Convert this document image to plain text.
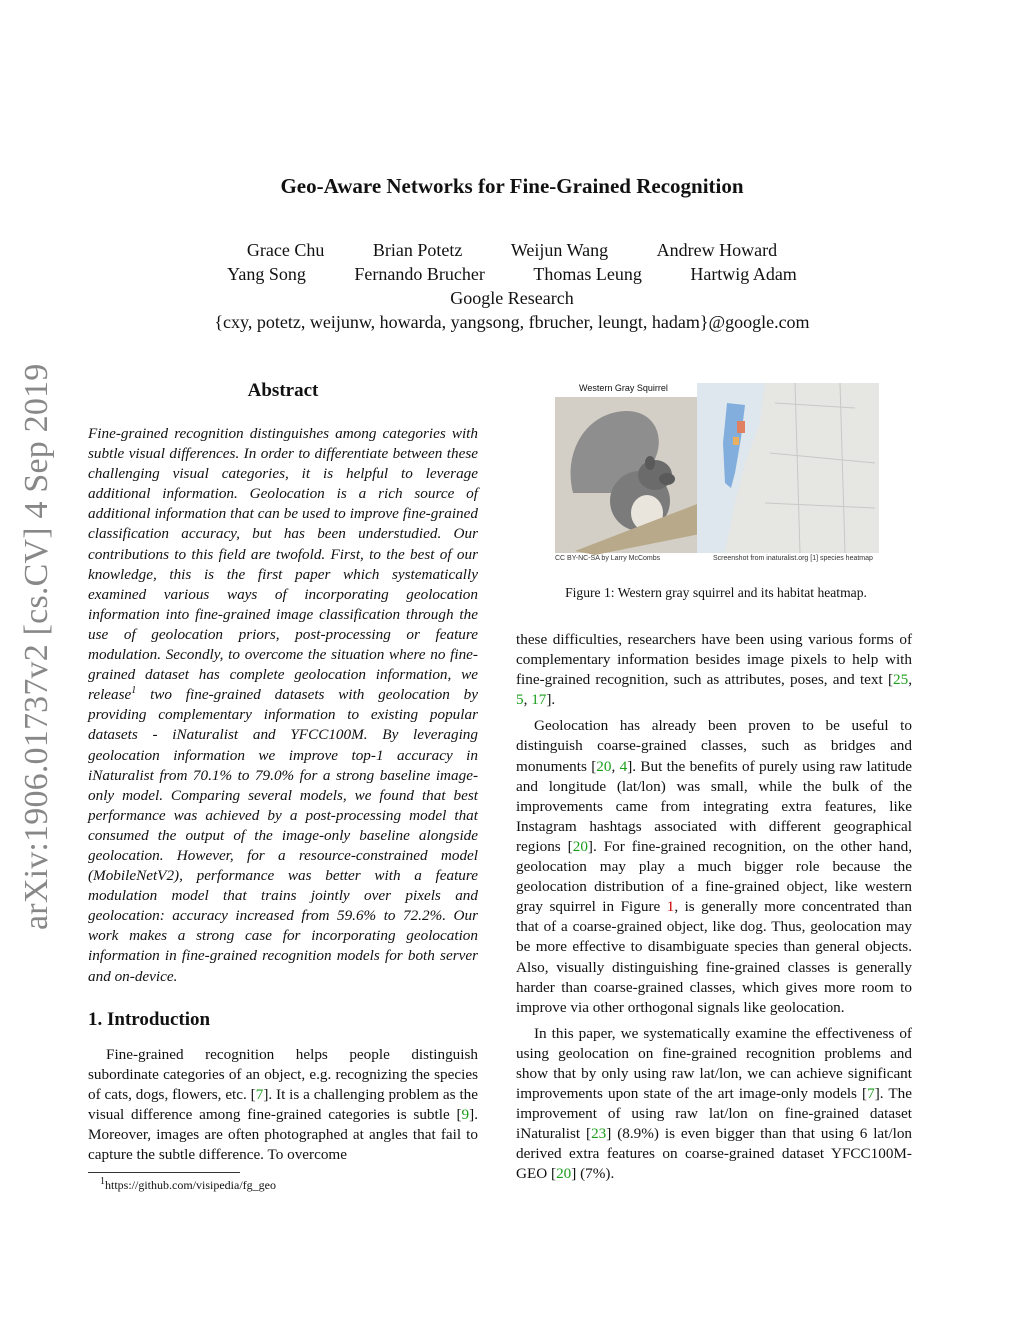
arXiv:1906.01737v2 [cs.CV] 4 Sep 2019
Geo-Aware Networks for Fine-Grained Recognition
Grace Chu	Brian Potetz	Weijun Wang	Andrew Howard
Yang Song	Fernando Brucher	Thomas Leung	Hartwig Adam
Google Research
{cxy, potetz, weijunw, howarda, yangsong, fbrucher, leungt, hadam}@google.com
Abstract
Fine-grained recognition distinguishes among categories with subtle visual differences. In order to differentiate between these challenging visual categories, it is helpful to leverage additional information. Geolocation is a rich source of additional information that can be used to improve fine-grained classification accuracy, but has been understudied. Our contributions to this field are twofold. First, to the best of our knowledge, this is the first paper which systematically examined various ways of incorporating geolocation information into fine-grained image classification through the use of geolocation priors, post-processing or feature modulation. Secondly, to overcome the situation where no fine-grained dataset has complete geolocation information, we release$^1$ two fine-grained datasets with geolocation by providing complementary information to existing popular datasets - iNaturalist and YFCC100M. By leveraging geolocation information we improve top-1 accuracy in iNaturalist from 70.1% to 79.0% for a strong baseline image-only model. Comparing several models, we found that best performance was achieved by a post-processing model that consumed the output of the image-only baseline alongside geolocation. However, for a resource-constrained model (MobileNetV2), performance was better with a feature modulation model that trains jointly over pixels and geolocation: accuracy increased from 59.6% to 72.2%. Our work makes a strong case for incorporating geolocation information in fine-grained recognition models for both server and on-device.
1. Introduction

Fine-grained recognition helps people distinguish subordinate categories of an object, e.g. recognizing the species of cats, dogs, flowers, etc. [7]. It is a challenging problem as the visual difference among fine-grained categories is subtle [9]. Moreover, images are often photographed at angles that fail to capture the subtle difference. To overcome

$^1$https://github.com/visipedia/fg_geo
Western Gray Squirrel
CC BY-NC-SA by Larry McCombs	Screenshot from inaturalist.org [1] species heatmap
Figure 1: Western gray squirrel and its habitat heatmap.

these difficulties, researchers have been using various forms of complementary information besides image pixels to help with fine-grained recognition, such as attributes, poses, and text [25, 5, 17].

Geolocation has already been proven to be useful to distinguish coarse-grained classes, such as bridges and monuments [20, 4]. But the benefits of purely using raw latitude and longitude (lat/lon) was small, while the bulk of the improvements came from integrating extra features, like Instagram hashtags associated with different geographical regions [20]. For fine-grained recognition, on the other hand, geolocation may play a much bigger role because the geolocation distribution of a fine-grained object, like western gray squirrel in Figure 1, is generally more concentrated than that of a coarse-grained object, like dog. Thus, geolocation may be more effective to disambiguate species than general objects. Also, visually distinguishing fine-grained classes is generally harder than coarse-grained classes, which gives more room to improve via other orthogonal signals like geolocation.

In this paper, we systematically examine the effectiveness of using geolocation on fine-grained recognition problems and show that by only using raw lat/lon, we can achieve significant improvements upon state of the art image-only models [7]. The improvement of using raw lat/lon on fine-grained dataset iNaturalist [23] (8.9%) is even bigger than that using 6 lat/lon derived extra features on coarse-grained dataset YFCC100M-GEO [20] (7%).
